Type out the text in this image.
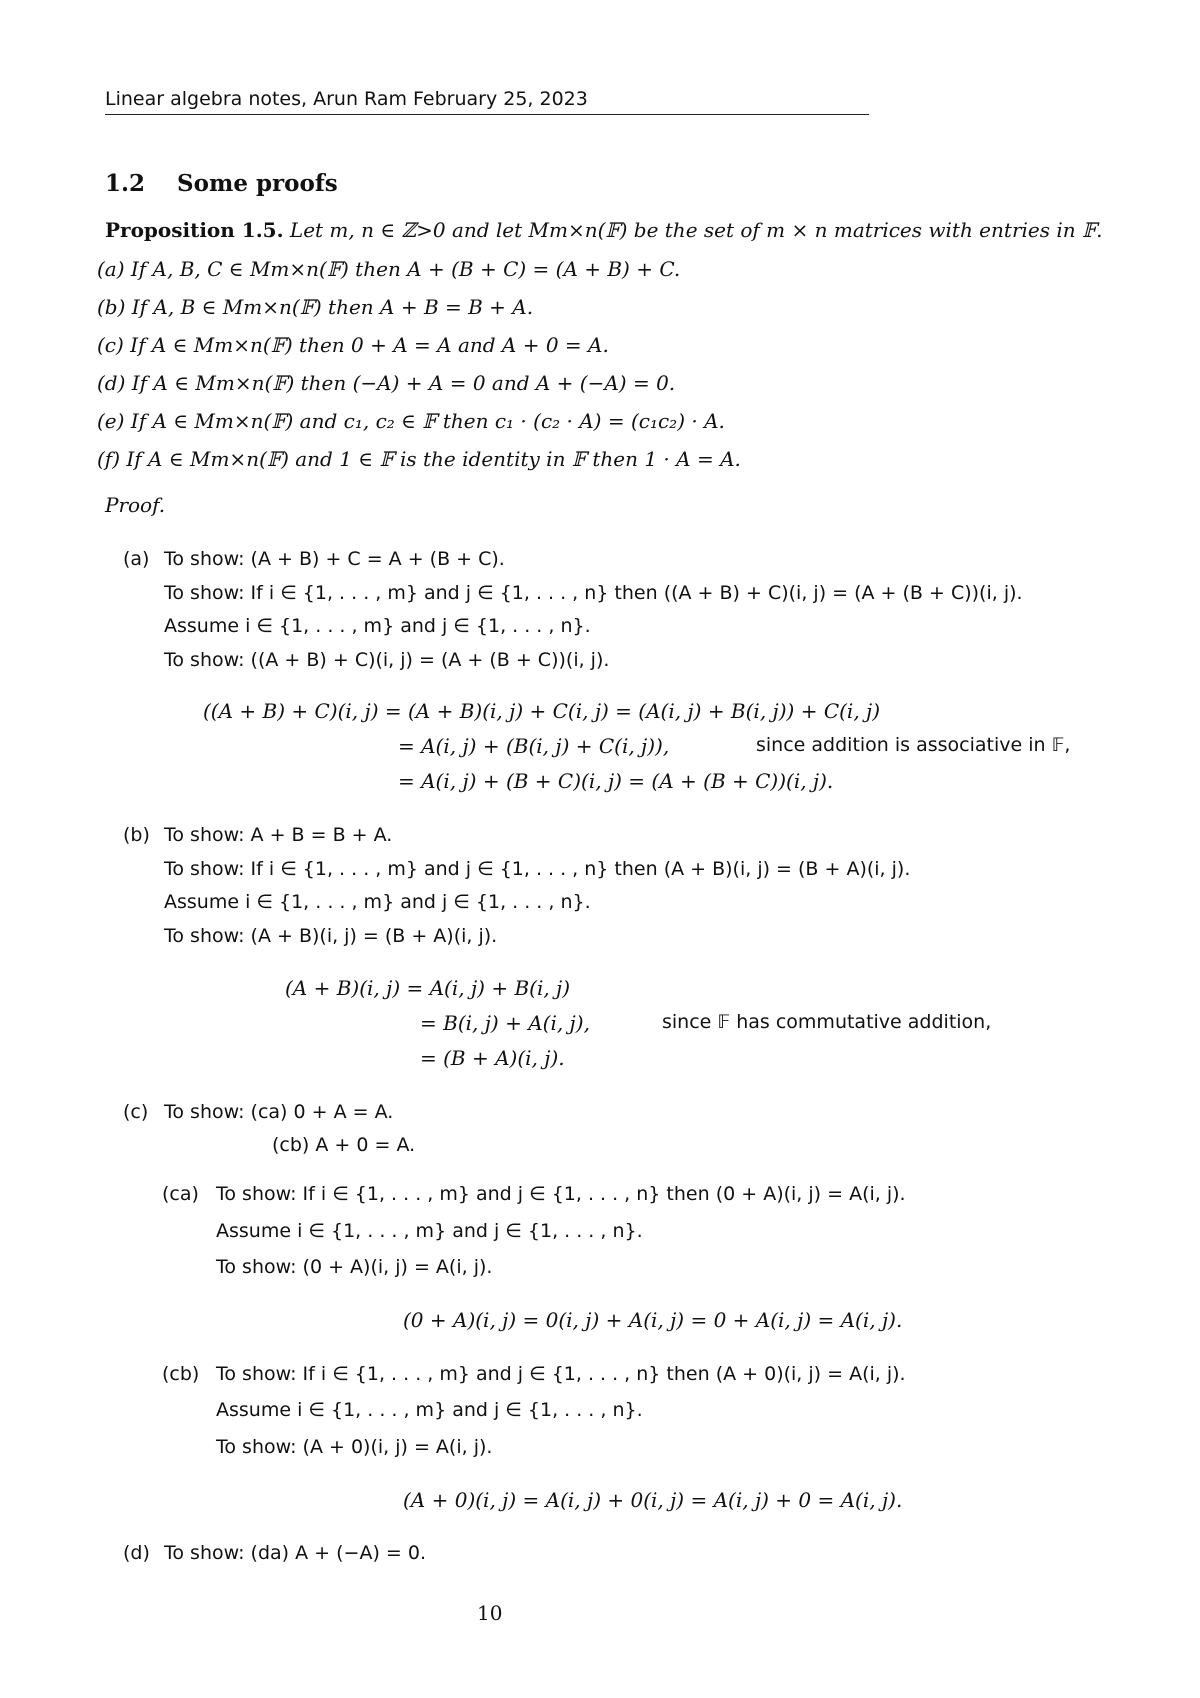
Linear algebra notes, Arun Ram February 25, 2023
1.2 Some proofs
Proposition 1.5. Let m, n ∈ ℤ>0 and let Mm×n(𝔽) be the set of m × n matrices with entries in 𝔽.
(a) If A, B, C ∈ Mm×n(𝔽) then A + (B + C) = (A + B) + C.
(b) If A, B ∈ Mm×n(𝔽) then A + B = B + A.
(c) If A ∈ Mm×n(𝔽) then 0 + A = A and A + 0 = A.
(d) If A ∈ Mm×n(𝔽) then (−A) + A = 0 and A + (−A) = 0.
(e) If A ∈ Mm×n(𝔽) and c₁, c₂ ∈ 𝔽 then c₁ · (c₂ · A) = (c₁c₂) · A.
(f) If A ∈ Mm×n(𝔽) and 1 ∈ 𝔽 is the identity in 𝔽 then 1 · A = A.
Proof.
(a) To show: (A + B) + C = A + (B + C).
To show: If i ∈ {1, . . . , m} and j ∈ {1, . . . , n} then ((A + B) + C)(i, j) = (A + (B + C))(i, j).
Assume i ∈ {1, . . . , m} and j ∈ {1, . . . , n}.
To show: ((A + B) + C)(i, j) = (A + (B + C))(i, j).
((A + B) + C)(i, j) = (A + B)(i, j) + C(i, j) = (A(i, j) + B(i, j)) + C(i, j)
= A(i, j) + (B(i, j) + C(i, j)),	since addition is associative in 𝔽,
= A(i, j) + (B + C)(i, j) = (A + (B + C))(i, j).
(b) To show: A + B = B + A.
To show: If i ∈ {1, . . . , m} and j ∈ {1, . . . , n} then (A + B)(i, j) = (B + A)(i, j).
Assume i ∈ {1, . . . , m} and j ∈ {1, . . . , n}.
To show: (A + B)(i, j) = (B + A)(i, j).
(A + B)(i, j) = A(i, j) + B(i, j)
= B(i, j) + A(i, j),	since 𝔽 has commutative addition,
= (B + A)(i, j).
(c) To show: (ca) 0 + A = A.
(cb) A + 0 = A.
(ca) To show: If i ∈ {1, . . . , m} and j ∈ {1, . . . , n} then (0 + A)(i, j) = A(i, j).
Assume i ∈ {1, . . . , m} and j ∈ {1, . . . , n}.
To show: (0 + A)(i, j) = A(i, j).
(0 + A)(i, j) = 0(i, j) + A(i, j) = 0 + A(i, j) = A(i, j).
(cb) To show: If i ∈ {1, . . . , m} and j ∈ {1, . . . , n} then (A + 0)(i, j) = A(i, j).
Assume i ∈ {1, . . . , m} and j ∈ {1, . . . , n}.
To show: (A + 0)(i, j) = A(i, j).
(A + 0)(i, j) = A(i, j) + 0(i, j) = A(i, j) + 0 = A(i, j).
(d) To show: (da) A + (−A) = 0.
10
